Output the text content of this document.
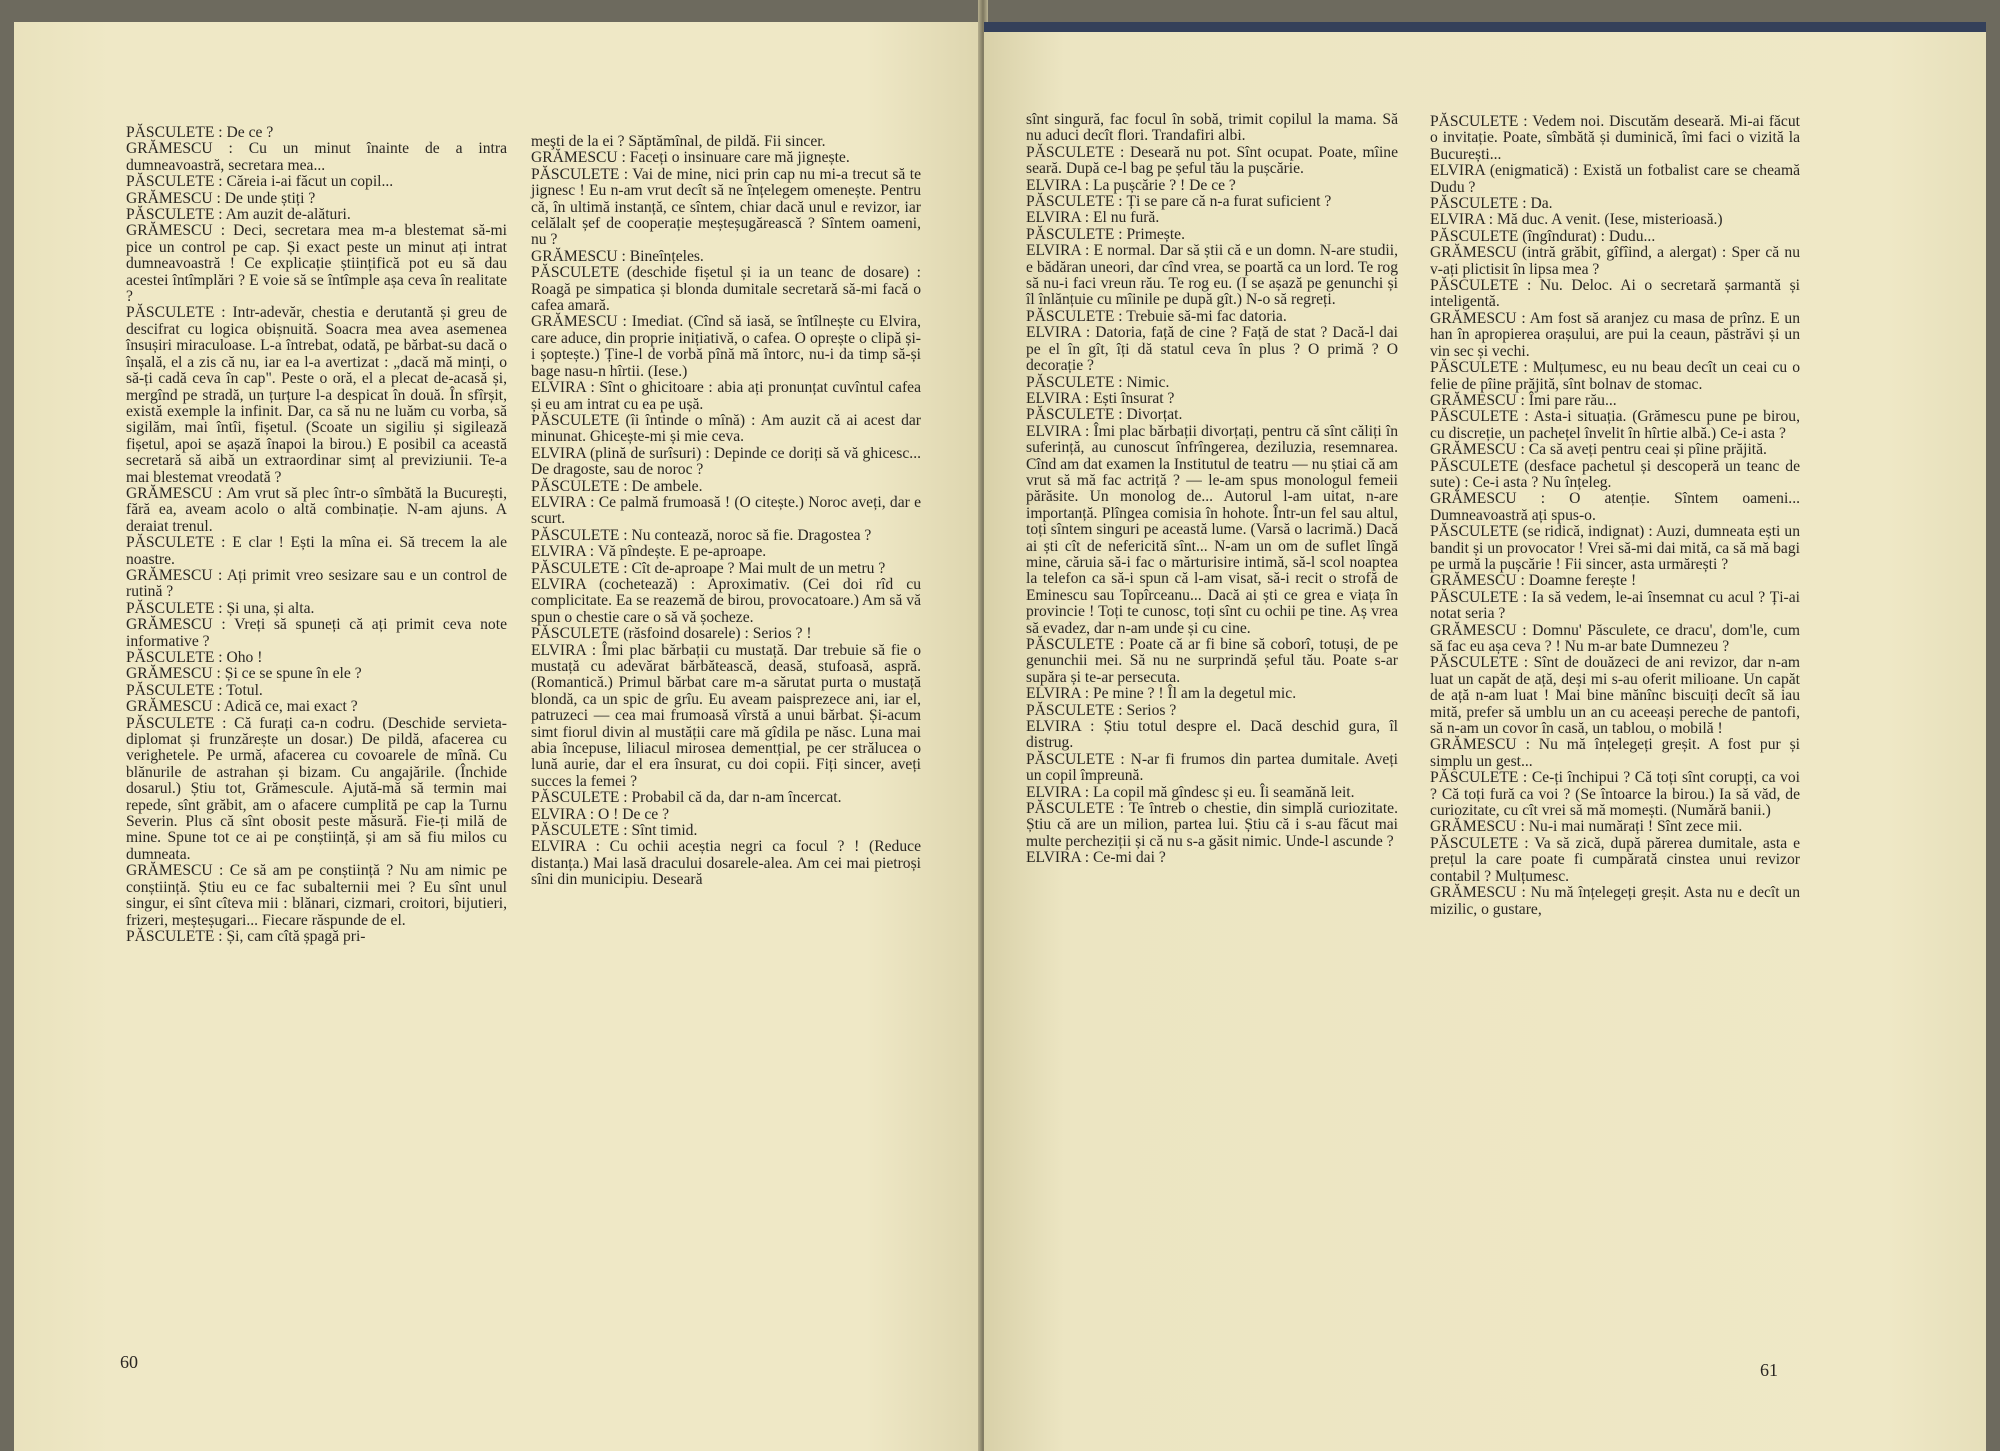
PĂSCULETE : De ce ?

GRĂMESCU : Cu un minut înainte de a intra dumneavoastră, secretara mea...

PĂSCULETE : Căreia i-ai făcut un copil...

GRĂMESCU : De unde știți ?

PĂSCULETE : Am auzit de-alături.

GRĂMESCU : Deci, secretara mea m-a blestemat să-mi pice un control pe cap. Și exact peste un minut ați intrat dumneavoastră ! Ce explicație științifică pot eu să dau acestei întîmplări ? E voie să se întîmple așa ceva în realitate ?

PĂSCULETE : Intr-adevăr, chestia e derutantă și greu de descifrat cu logica obișnuită. Soacra mea avea asemenea însușiri miraculoase. L-a întrebat, odată, pe bărbat-su dacă o înșală, el a zis că nu, iar ea l-a avertizat : „dacă mă minți, o să-ți cadă ceva în cap". Peste o oră, el a plecat de-acasă și, mergînd pe stradă, un țurțure l-a despicat în două. În sfîrșit, există exemple la infinit. Dar, ca să nu ne luăm cu vorba, să sigilăm, mai întîi, fișetul. (Scoate un sigiliu și sigilează fișetul, apoi se așază înapoi la birou.) E posibil ca această secretară să aibă un extraordinar simț al previziunii. Te-a mai blestemat vreodată ?

GRĂMESCU : Am vrut să plec într-o sîmbătă la București, fără ea, aveam acolo o altă combinație. N-am ajuns. A deraiat trenul.

PĂSCULETE : E clar ! Ești la mîna ei. Să trecem la ale noastre.

GRĂMESCU : Ați primit vreo sesizare sau e un control de rutină ?

PĂSCULETE : Și una, și alta.

GRĂMESCU : Vreți să spuneți că ați primit ceva note informative ?

PĂSCULETE : Oho !

GRĂMESCU : Și ce se spune în ele ?

PĂSCULETE : Totul.

GRĂMESCU : Adică ce, mai exact ?

PĂSCULETE : Că furați ca-n codru. (Deschide servieta-diplomat și frunzărește un dosar.) De pildă, afacerea cu verighetele. Pe urmă, afacerea cu covoarele de mînă. Cu blănurile de astrahan și bizam. Cu angajările. (Închide dosarul.) Știu tot, Grămescule. Ajută-mă să termin mai repede, sînt grăbit, am o afacere cumplită pe cap la Turnu Severin. Plus că sînt obosit peste măsură. Fie-ți milă de mine. Spune tot ce ai pe conștiință, și am să fiu milos cu dumneata.

GRĂMESCU : Ce să am pe conștiință ? Nu am nimic pe conștiință. Știu eu ce fac subalternii mei ? Eu sînt unul singur, ei sînt cîteva mii : blănari, cizmari, croitori, bijutieri, frizeri, meșteșugari... Fiecare răspunde de el.

PĂSCULETE : Și, cam cîtă șpagă pri-

meşti de la ei ? Săptămînal, de pildă. Fii sincer.

GRĂMESCU : Faceți o insinuare care mă jignește.

PĂSCULETE : Vai de mine, nici prin cap nu mi-a trecut să te jignesc ! Eu n-am vrut decît să ne înțelegem omenește. Pentru că, în ultimă instanță, ce sîntem, chiar dacă unul e revizor, iar celălalt șef de cooperație meșteșugărească ? Sîntem oameni, nu ?

GRĂMESCU : Bineînțeles.

PĂSCULETE (deschide fișetul și ia un teanc de dosare) : Roagă pe simpatica și blonda dumitale secretară să-mi facă o cafea amară.

GRĂMESCU : Imediat. (Cînd să iasă, se întîlnește cu Elvira, care aduce, din proprie inițiativă, o cafea. O oprește o clipă și-i șoptește.) Ține-l de vorbă pînă mă întorc, nu-i da timp să-și bage nasu-n hîrtii. (Iese.)

ELVIRA : Sînt o ghicitoare : abia ați pronunțat cuvîntul cafea și eu am intrat cu ea pe ușă.

PĂSCULETE (îi întinde o mînă) : Am auzit că ai acest dar minunat. Ghicește-mi și mie ceva.

ELVIRA (plină de surîsuri) : Depinde ce doriți să vă ghicesc... De dragoste, sau de noroc ?

PĂSCULETE : De ambele.

ELVIRA : Ce palmă frumoasă ! (O citește.) Noroc aveți, dar e scurt.

PĂSCULETE : Nu contează, noroc să fie. Dragostea ?

ELVIRA : Vă pîndește. E pe-aproape.

PĂSCULETE : Cît de-aproape ? Mai mult de un metru ?

ELVIRA (cochetează) : Aproximativ. (Cei doi rîd cu complicitate. Ea se reazemă de birou, provocatoare.) Am să vă spun o chestie care o să vă șocheze.

PĂSCULETE (răsfoind dosarele) : Serios ? !

ELVIRA : Îmi plac bărbații cu mustață. Dar trebuie să fie o mustață cu adevărat bărbătească, deasă, stufoasă, aspră. (Romantică.) Primul bărbat care m-a sărutat purta o mustață blondă, ca un spic de grîu. Eu aveam paisprezece ani, iar el, patruzeci — cea mai frumoasă vîrstă a unui bărbat. Și-acum simt fiorul divin al mustății care mă gîdila pe născ. Luna mai abia începuse, liliacul mirosea dementțial, pe cer strălucea o lună aurie, dar el era însurat, cu doi copii. Fiți sincer, aveți succes la femei ?

PĂSCULETE : Probabil că da, dar n-am încercat.

ELVIRA : O ! De ce ?

PĂSCULETE : Sînt timid.

ELVIRA : Cu ochii aceștia negri ca focul ? ! (Reduce distanța.) Mai lasă dracului dosarele-alea. Am cei mai pietroși sîni din municipiu. Deseară

60

sînt singură, fac focul în sobă, trimit copilul la mama. Să nu aduci decît flori. Trandafiri albi.

PĂSCULETE : Deseară nu pot. Sînt ocupat. Poate, mîine seară. După ce-l bag pe șeful tău la pușcărie.

ELVIRA : La pușcărie ? ! De ce ?

PĂSCULETE : Ți se pare că n-a furat suficient ?

ELVIRA : El nu fură.

PĂSCULETE : Primește.

ELVIRA : E normal. Dar să știi că e un domn. N-are studii, e bădăran uneori, dar cînd vrea, se poartă ca un lord. Te rog să nu-i faci vreun rău. Te rog eu. (I se așază pe genunchi și îl înlănțuie cu mîinile pe după gît.) N-o să regreți.

PĂSCULETE : Trebuie să-mi fac datoria.

ELVIRA : Datoria, față de cine ? Față de stat ? Dacă-l dai pe el în gît, îți dă statul ceva în plus ? O primă ? O decorație ?

PĂSCULETE : Nimic.

ELVIRA : Ești însurat ?

PĂSCULETE : Divorțat.

ELVIRA : Îmi plac bărbații divorțați, pentru că sînt căliți în suferință, au cunoscut înfrîngerea, deziluzia, resemnarea. Cînd am dat examen la Institutul de teatru — nu știai că am vrut să mă fac actriță ? — le-am spus monologul femeii părăsite. Un monolog de... Autorul l-am uitat, n-are importanță. Plîngea comisia în hohote. Într-un fel sau altul, toți sîntem singuri pe această lume. (Varsă o lacrimă.) Dacă ai ști cît de nefericită sînt... N-am un om de suflet lîngă mine, căruia să-i fac o mărturisire intimă, să-l scol noaptea la telefon ca să-i spun că l-am visat, să-i recit o strofă de Eminescu sau Topîrceanu... Dacă ai ști ce grea e viața în provincie ! Toți te cunosc, toți sînt cu ochii pe tine. Aș vrea să evadez, dar n-am unde și cu cine.

PĂSCULETE : Poate că ar fi bine să coborî, totuși, de pe genunchii mei. Să nu ne surprindă șeful tău. Poate s-ar supăra și te-ar persecuta.

ELVIRA : Pe mine ? ! Îl am la degetul mic.

PĂSCULETE : Serios ?

ELVIRA : Știu totul despre el. Dacă deschid gura, îl distrug.

PĂSCULETE : N-ar fi frumos din partea dumitale. Aveți un copil împreună.

ELVIRA : La copil mă gîndesc și eu. Îi seamănă leit.

PĂSCULETE : Te întreb o chestie, din simplă curiozitate. Știu că are un milion, partea lui. Știu că i s-au făcut mai multe percheziții și că nu s-a găsit nimic. Unde-l ascunde ?

ELVIRA : Ce-mi dai ?

PĂSCULETE : Vedem noi. Discutăm deseară. Mi-ai făcut o invitație. Poate, sîmbătă și duminică, îmi faci o vizită la București...

ELVIRA (enigmatică) : Există un fotbalist care se cheamă Dudu ?

PĂSCULETE : Da.

ELVIRA : Mă duc. A venit. (Iese, misterioasă.)

PĂSCULETE (îngîndurat) : Dudu...

GRĂMESCU (intră grăbit, gîfîind, a alergat) : Sper că nu v-ați plictisit în lipsa mea ?

PĂSCULETE : Nu. Deloc. Ai o secretară șarmantă și inteligentă.

GRĂMESCU : Am fost să aranjez cu masa de prînz. E un han în apropierea orașului, are pui la ceaun, păstrăvi și un vin sec și vechi.

PĂSCULETE : Mulțumesc, eu nu beau decît un ceai cu o felie de pîine prăjită, sînt bolnav de stomac.

GRĂMESCU : Îmi pare rău...

PĂSCULETE : Asta-i situația. (Grămescu pune pe birou, cu discreție, un pachețel învelit în hîrtie albă.) Ce-i asta ?

GRĂMESCU : Ca să aveți pentru ceai și pîine prăjită.

PĂSCULETE (desface pachetul și descoperă un teanc de sute) : Ce-i asta ? Nu înțeleg.

GRĂMESCU : O atenție. Sîntem oameni... Dumneavoastră ați spus-o.

PĂSCULETE (se ridică, indignat) : Auzi, dumneata ești un bandit și un provocator ! Vrei să-mi dai mită, ca să mă bagi pe urmă la pușcărie ! Fii sincer, asta urmărești ?

GRĂMESCU : Doamne ferește !

PĂSCULETE : Ia să vedem, le-ai însemnat cu acul ? Ți-ai notat seria ?

GRĂMESCU : Domnu' Păsculete, ce dracu', dom'le, cum să fac eu așa ceva ? ! Nu m-ar bate Dumnezeu ?

PĂSCULETE : Sînt de douăzeci de ani revizor, dar n-am luat un capăt de ață, deși mi s-au oferit milioane. Un capăt de ață n-am luat ! Mai bine mănînc biscuiți decît să iau mită, prefer să umblu un an cu aceeași pereche de pantofi, să n-am un covor în casă, un tablou, o mobilă !

GRĂMESCU : Nu mă înțelegeți greșit. A fost pur și simplu un gest...

PĂSCULETE : Ce-ți închipui ? Că toți sînt corupți, ca voi ? Că toți fură ca voi ? (Se întoarce la birou.) Ia să văd, de curiozitate, cu cît vrei să mă momești. (Numără banii.)

GRĂMESCU : Nu-i mai numărați ! Sînt zece mii.

PĂSCULETE : Va să zică, după părerea dumitale, asta e prețul la care poate fi cumpărată cinstea unui revizor contabil ? Mulțumesc.

GRĂMESCU : Nu mă înțelegeți greșit. Asta nu e decît un mizilic, o gustare,

61
